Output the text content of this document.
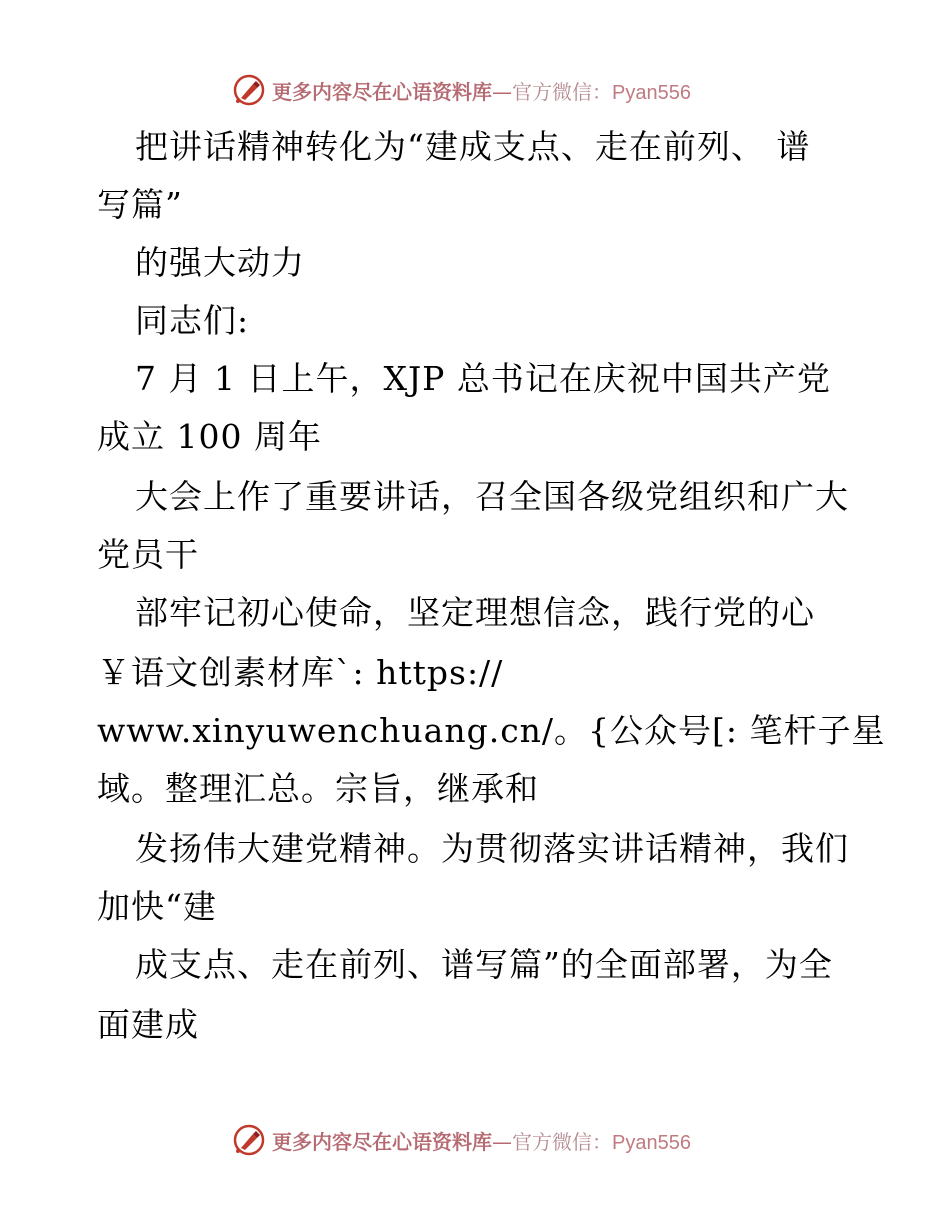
更多内容尽在心语资料库—官方微信：Pyan556
把讲话精神转化为“建成支点、走在前列、 谱
写篇”
的强大动力
同志们:
7 月 1 日上午，XJP 总书记在庆祝中国共产党
成立 100 周年
大会上作了重要讲话，召全国各级党组织和广大
党员干
部牢记初心使命，坚定理想信念，践行党的心
￥语文创素材库`: https://
www.xinyuwenchuang.cn/。{公众号[: 笔杆子星
域。整理汇总。宗旨，继承和
发扬伟大建党精神。为贯彻落实讲话精神，我们
加快“建
成支点、走在前列、谱写篇”的全面部署，为全
面建成
更多内容尽在心语资料库—官方微信：Pyan556
